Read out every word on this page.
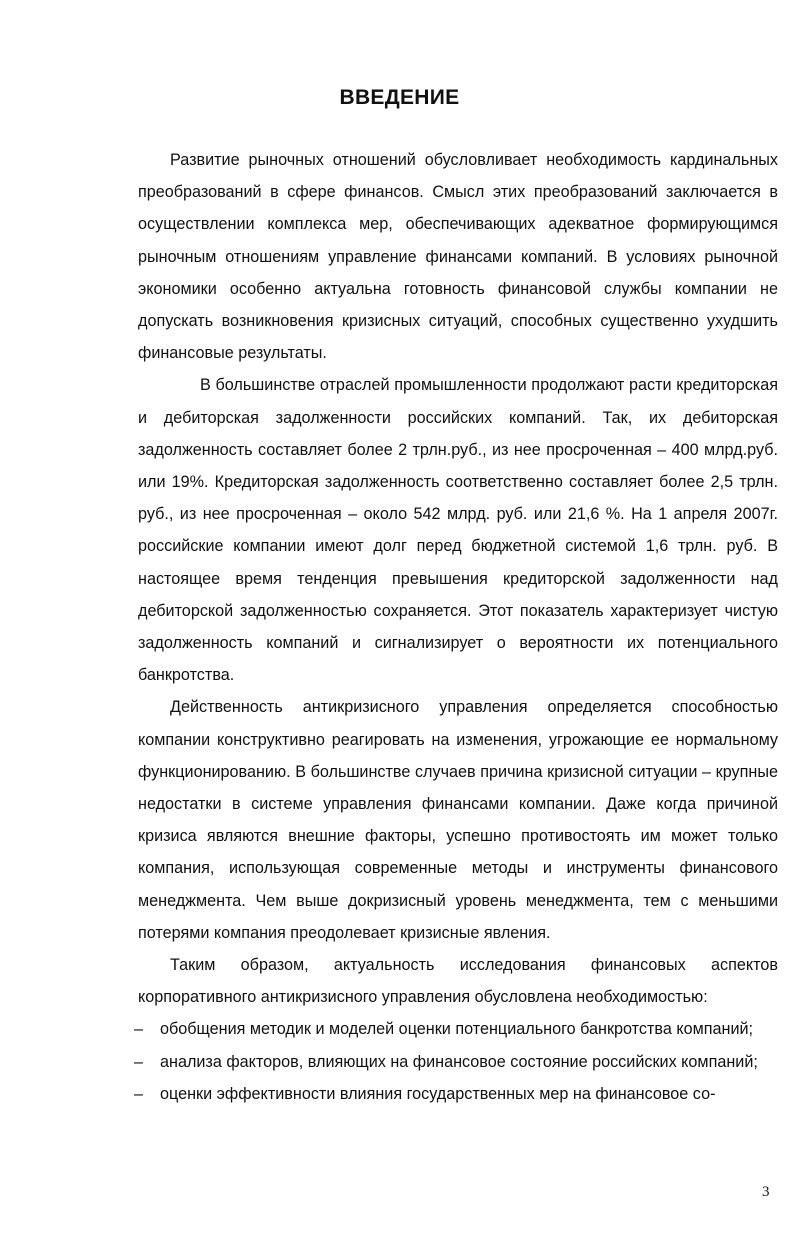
ВВЕДЕНИЕ

Развитие рыночных отношений обусловливает необходимость кардинальных преобразований в сфере финансов. Смысл этих преобразований заключается в осуществлении комплекса мер, обеспечивающих адекватное формирующимся рыночным отношениям управление финансами компаний. В условиях рыночной экономики особенно актуальна готовность финансовой службы компании не допускать возникновения кризисных ситуаций, способных существенно ухудшить финансовые результаты.

В большинстве отраслей промышленности продолжают расти кредиторская и дебиторская задолженности российских компаний. Так, их дебиторская задолженность составляет более 2 трлн.руб., из нее просроченная – 400 млрд.руб. или 19%. Кредиторская задолженность соответственно составляет более 2,5 трлн. руб., из нее просроченная – около 542 млрд. руб. или 21,6 %. На 1 апреля 2007г. российские компании имеют долг перед бюджетной системой 1,6 трлн. руб. В настоящее время тенденция превышения кредиторской задолженности над дебиторской задолженностью сохраняется. Этот показатель характеризует чистую задолженность компаний и сигнализирует о вероятности их потенциального банкротства.

Действенность антикризисного управления определяется способностью компании конструктивно реагировать на изменения, угрожающие ее нормальному функционированию. В большинстве случаев причина кризисной ситуации – крупные недостатки в системе управления финансами компании. Даже когда причиной кризиса являются внешние факторы, успешно противостоять им может только компания, использующая современные методы и инструменты финансового менеджмента. Чем выше докризисный уровень менеджмента, тем с меньшими потерями компания преодолевает кризисные явления.

Таким образом, актуальность исследования финансовых аспектов корпоративного антикризисного управления обусловлена необходимостью:

– обобщения методик и моделей оценки потенциального банкротства компаний;
– анализа факторов, влияющих на финансовое состояние российских компаний;
– оценки эффективности влияния государственных мер на финансовое со-
3
